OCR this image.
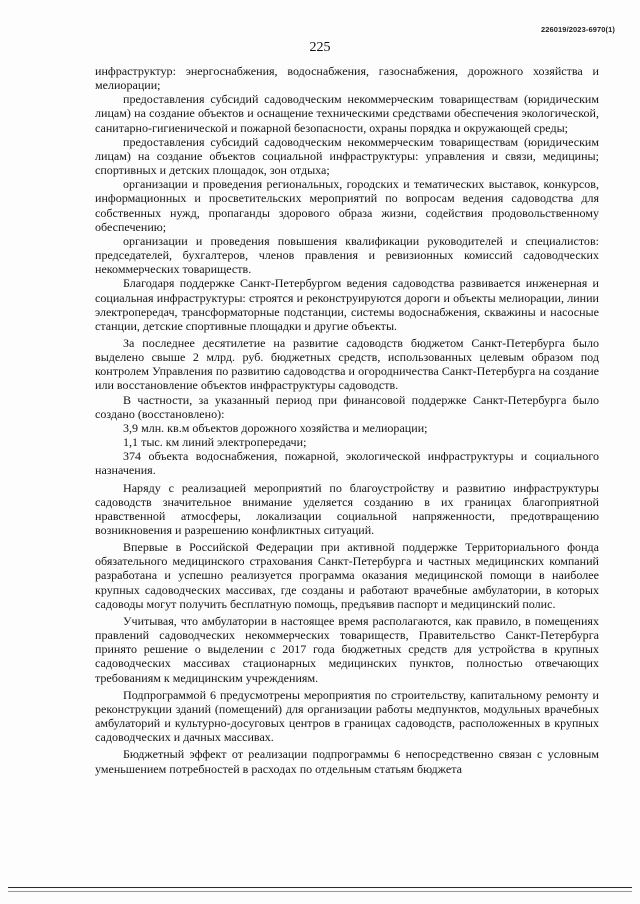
226019/2023-6970(1)
225

инфраструктур: энергоснабжения, водоснабжения, газоснабжения, дорожного хозяйства и мелиорации;

предоставления субсидий садоводческим некоммерческим товариществам (юридическим лицам) на создание объектов и оснащение техническими средствами обеспечения экологической, санитарно-гигиенической и пожарной безопасности, охраны порядка и окружающей среды;

предоставления субсидий садоводческим некоммерческим товариществам (юридическим лицам) на создание объектов социальной инфраструктуры: управления и связи, медицины; спортивных и детских площадок, зон отдыха;

организации и проведения региональных, городских и тематических выставок, конкурсов, информационных и просветительских мероприятий по вопросам ведения садоводства для собственных нужд, пропаганды здорового образа жизни, содействия продовольственному обеспечению;

организации и проведения повышения квалификации руководителей и специалистов: председателей, бухгалтеров, членов правления и ревизионных комиссий садоводческих некоммерческих товариществ.

Благодаря поддержке Санкт-Петербургом ведения садоводства развивается инженерная и социальная инфраструктуры: строятся и реконструируются дороги и объекты мелиорации, линии электропередач, трансформаторные подстанции, системы водоснабжения, скважины и насосные станции, детские спортивные площадки и другие объекты.

За последнее десятилетие на развитие садоводств бюджетом Санкт-Петербурга было выделено свыше 2 млрд. руб. бюджетных средств, использованных целевым образом под контролем Управления по развитию садоводства и огородничества Санкт-Петербурга на создание или восстановление объектов инфраструктуры садоводств.

В частности, за указанный период при финансовой поддержке Санкт-Петербурга было создано (восстановлено):

3,9 млн. кв.м объектов дорожного хозяйства и мелиорации;

1,1 тыс. км линий электропередачи;

374 объекта водоснабжения, пожарной, экологической инфраструктуры и социального назначения.

Наряду с реализацией мероприятий по благоустройству и развитию инфраструктуры садоводств значительное внимание уделяется созданию в их границах благоприятной нравственной атмосферы, локализации социальной напряженности, предотвращению возникновения и разрешению конфликтных ситуаций.

Впервые в Российской Федерации при активной поддержке Территориального фонда обязательного медицинского страхования Санкт-Петербурга и частных медицинских компаний разработана и успешно реализуется программа оказания медицинской помощи в наиболее крупных садоводческих массивах, где созданы и работают врачебные амбулатории, в которых садоводы могут получить бесплатную помощь, предъявив паспорт и медицинский полис.

Учитывая, что амбулатории в настоящее время располагаются, как правило, в помещениях правлений садоводческих некоммерческих товариществ, Правительство Санкт-Петербурга принято решение о выделении с 2017 года бюджетных средств для устройства в крупных садоводческих массивах стационарных медицинских пунктов, полностью отвечающих требованиям к медицинским учреждениям.

Подпрограммой 6 предусмотрены мероприятия по строительству, капитальному ремонту и реконструкции зданий (помещений) для организации работы медпунктов, модульных врачебных амбулаторий и культурно-досуговых центров в границах садоводств, расположенных в крупных садоводческих и дачных массивах.

Бюджетный эффект от реализации подпрограммы 6 непосредственно связан с условным уменьшением потребностей в расходах по отдельным статьям бюджета
